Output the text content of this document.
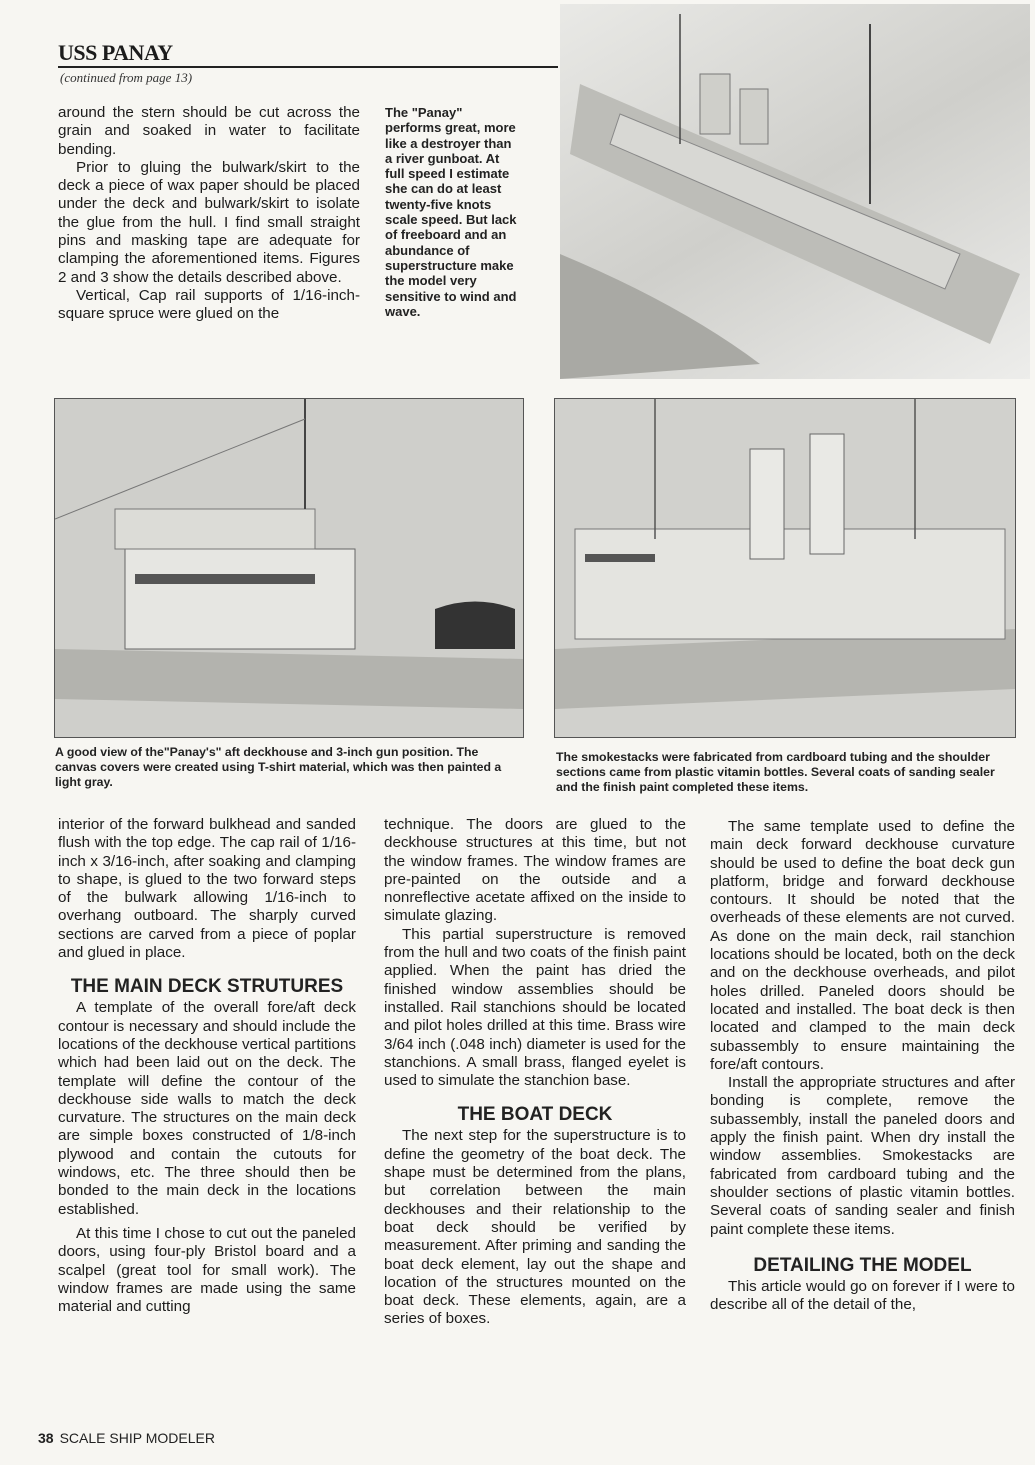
USS PANAY
(continued from page 13)

around the stern should be cut across the grain and soaked in water to facilitate bending.

Prior to gluing the bulwark/skirt to the deck a piece of wax paper should be placed under the deck and bulwark/skirt to isolate the glue from the hull. I find small straight pins and masking tape are adequate for clamping the aforementioned items. Figures 2 and 3 show the details described above.

Vertical, Cap rail supports of 1/16-inch-square spruce were glued on the

The "Panay" performs great, more like a destroyer than a river gunboat. At full speed I estimate she can do at least twenty-five knots scale speed. But lack of freeboard and an abundance of superstructure make the model very sensitive to wind and wave.
A good view of the"Panay's" aft deckhouse and 3-inch gun position. The canvas covers were created using T-shirt material, which was then painted a light gray.
The smokestacks were fabricated from cardboard tubing and the shoulder sections came from plastic vitamin bottles. Several coats of sanding sealer and the finish paint completed these items.

interior of the forward bulkhead and sanded flush with the top edge. The cap rail of 1/16-inch x 3/16-inch, after soaking and clamping to shape, is glued to the two forward steps of the bulwark allowing 1/16-inch to overhang outboard. The sharply curved sections are carved from a piece of poplar and glued in place.

THE MAIN DECK STRUTURES

A template of the overall fore/aft deck contour is necessary and should include the locations of the deckhouse vertical partitions which had been laid out on the deck. The template will define the contour of the deckhouse side walls to match the deck curvature. The structures on the main deck are simple boxes constructed of 1/8-inch plywood and contain the cutouts for windows, etc. The three should then be bonded to the main deck in the locations established.

At this time I chose to cut out the paneled doors, using four-ply Bristol board and a scalpel (great tool for small work). The window frames are made using the same material and cutting

technique. The doors are glued to the deckhouse structures at this time, but not the window frames. The window frames are pre-painted on the outside and a nonreflective acetate affixed on the inside to simulate glazing.

This partial superstructure is removed from the hull and two coats of the finish paint applied. When the paint has dried the finished window assemblies should be installed. Rail stanchions should be located and pilot holes drilled at this time. Brass wire 3/64 inch (.048 inch) diameter is used for the stanchions. A small brass, flanged eyelet is used to simulate the stanchion base.

THE BOAT DECK

The next step for the superstructure is to define the geometry of the boat deck. The shape must be determined from the plans, but correlation between the main deckhouses and their relationship to the boat deck should be verified by measurement. After priming and sanding the boat deck element, lay out the shape and location of the structures mounted on the boat deck. These elements, again, are a series of boxes.

The same template used to define the main deck forward deckhouse curvature should be used to define the boat deck gun platform, bridge and forward deckhouse contours. It should be noted that the overheads of these elements are not curved. As done on the main deck, rail stanchion locations should be located, both on the deck and on the deckhouse overheads, and pilot holes drilled. Paneled doors should be located and installed. The boat deck is then located and clamped to the main deck subassembly to ensure maintaining the fore/aft contours.

Install the appropriate structures and after bonding is complete, remove the subassembly, install the paneled doors and apply the finish paint. When dry install the window assemblies. Smokestacks are fabricated from cardboard tubing and the shoulder sections of plastic vitamin bottles. Several coats of sanding sealer and finish paint complete these items.

DETAILING THE MODEL

This article would go on forever if I were to describe all of the detail of the,

38 SCALE SHIP MODELER
